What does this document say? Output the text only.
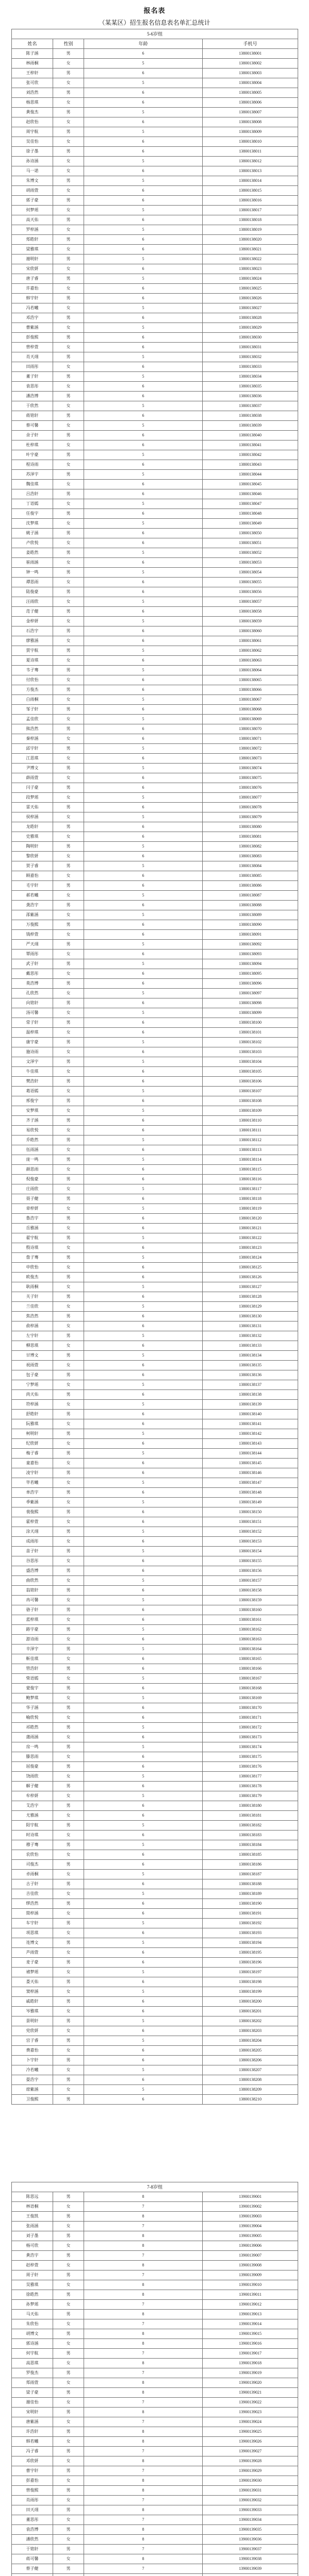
报名表
（某某区）招生报名信息表名单汇总统计
5-6岁组			
姓名	性别	年龄	手机号
陈子涵	男	6	13800138001
林雨桐	女	5	13800138002
王梓轩	男	6	13800138003
张可欣	女	5	13800138004
刘浩然	男	6	13800138005
杨思琪	女	6	13800138006
黄俊杰	男	5	13800138007
赵欣怡	女	6	13800138008
周宇航	男	5	13800138009
吴佳怡	女	6	13800138010
徐子墨	男	6	13800138011
孙诗涵	女	5	13800138012
马一诺	女	6	13800138013
朱博文	男	5	13800138014
胡雨萱	女	6	13800138015
郭子豪	男	6	13800138016
何梦瑶	女	5	13800138017
高天佑	男	6	13800138018
罗梓涵	女	5	13800138019
郑皓轩	男	6	13800138020
梁雅琪	女	6	13800138021
谢明轩	男	5	13800138022
宋欣妍	女	6	13800138023
唐子睿	男	5	13800138024
许嘉怡	女	6	13800138025
韩宇轩	男	6	13800138026
冯若曦	女	5	13800138027
邓浩宇	男	6	13800138028
曹紫涵	女	5	13800138029
彭俊熙	男	6	13800138030
曾梓萱	女	6	13800138031
肖天翊	男	5	13800138032
田雨彤	女	6	13800138033
董子轩	男	5	13800138034
袁思彤	女	6	13800138035
潘浩博	男	6	13800138036
于欣然	女	5	13800138037
蒋铭轩	男	6	13800138038
蔡可馨	女	5	13800138039
余子轩	男	6	13800138040
杜梓琪	女	6	13800138041
叶宇豪	男	5	13800138042
程诗雨	女	6	13800138043
苏泽宇	男	5	13800138044
魏佳琪	女	6	13800138045
吕浩轩	男	6	13800138046
丁语嫣	女	5	13800138047
任俊宇	男	6	13800138048
沈梦琪	女	5	13800138049
姚子涵	男	6	13800138050
卢欣悦	女	6	13800138051
姜皓然	男	5	13800138052
崔雨涵	女	6	13800138053
钟一鸣	男	5	13800138054
谭思雨	女	6	13800138055
陆俊豪	男	6	13800138056
汪雨欣	女	5	13800138057
范子健	男	6	13800138058
金梓妍	女	5	13800138059
石浩宇	男	6	13800138060
廖雅涵	女	6	13800138061
贾宇航	男	5	13800138062
夏诗琪	女	6	13800138063
韦子骞	男	5	13800138064
付欣怡	女	6	13800138065
方俊杰	男	6	13800138066
白雨桐	女	5	13800138067
邹子轩	男	6	13800138068
孟佳欣	女	5	13800138069
熊浩然	男	6	13800138070
秦梓涵	女	6	13800138071
邱宇轩	男	5	13800138072
江思琪	女	6	13800138073
尹博文	男	5	13800138074
薛雨萱	女	6	13800138075
闫子豪	男	6	13800138076
段梦瑶	女	5	13800138077
雷天佑	男	6	13800138078
侯梓涵	女	5	13800138079
龙皓轩	男	6	13800138080
史雅琪	女	6	13800138081
陶明轩	男	5	13800138082
黎欣妍	女	6	13800138083
贺子睿	男	5	13800138084
顾嘉怡	女	6	13800138085
毛宇轩	男	6	13800138086
郝若曦	女	5	13800138087
龚浩宇	男	6	13800138088
邵紫涵	女	5	13800138089
万俊熙	男	6	13800138090
钱梓萱	女	6	13800138091
严天翊	男	5	13800138092
覃雨彤	女	6	13800138093
武子轩	男	5	13800138094
戴思彤	女	6	13800138095
莫浩博	男	6	13800138096
孔欣然	女	5	13800138097
向铭轩	男	6	13800138098
汤可馨	女	5	13800138099
常子轩	男	6	13800138100
温梓琪	女	6	13800138101
康宇豪	男	5	13800138102
施诗雨	女	6	13800138103
文泽宇	男	5	13800138104
牛佳琪	女	6	13800138105
樊浩轩	男	6	13800138106
葛语嫣	女	5	13800138107
邢俊宇	男	6	13800138108
安梦琪	女	5	13800138109
齐子涵	男	6	13800138110
易欣悦	女	6	13800138111
乔皓然	男	5	13800138112
伍雨涵	女	6	13800138113
庞一鸣	男	5	13800138114
颜思雨	女	6	13800138115
倪俊豪	男	6	13800138116
庄雨欣	女	5	13800138117
聂子健	男	6	13800138118
章梓妍	女	5	13800138119
鲁浩宇	男	6	13800138120
岳雅涵	女	6	13800138121
翟宇航	男	5	13800138122
殷诗琪	女	6	13800138123
詹子骞	男	5	13800138124
申欣怡	女	6	13800138125
欧俊杰	男	6	13800138126
耿雨桐	女	5	13800138127
关子轩	男	6	13800138128
兰佳欣	女	5	13800138129
焦浩然	男	6	13800138130
俞梓涵	女	6	13800138131
左宇轩	男	5	13800138132
柳思琪	女	6	13800138133
甘博文	男	5	13800138134
祝雨萱	女	6	13800138135
包子豪	男	6	13800138136
宁梦瑶	女	5	13800138137
尚天佑	男	6	13800138138
符梓涵	女	5	13800138139
舒皓轩	男	6	13800138140
阮雅琪	女	6	13800138141
柯明轩	男	5	13800138142
纪欣妍	女	6	13800138143
梅子睿	男	5	13800138144
童嘉怡	女	6	13800138145
凌宇轩	男	6	13800138146
毕若曦	女	5	13800138147
单浩宇	男	6	13800138148
季紫涵	女	5	13800138149
裴俊熙	男	6	13800138150
霍梓萱	女	6	13800138151
涂天翊	男	5	13800138152
成雨彤	女	6	13800138153
苗子轩	男	5	13800138154
谷思彤	女	6	13800138155
盛浩博	男	6	13800138156
曲欣然	女	5	13800138157
翁铭轩	男	6	13800138158
冉可馨	女	5	13800138159
骆子轩	男	6	13800138160
蓝梓琪	女	6	13800138161
路宇豪	男	5	13800138162
游诗雨	女	6	13800138163
辛泽宇	男	5	13800138164
靳佳琪	女	6	13800138165
管浩轩	男	6	13800138166
柴语嫣	女	5	13800138167
蒙俊宇	男	6	13800138168
鲍梦琪	女	5	13800138169
华子涵	男	6	13800138170
喻欣悦	女	6	13800138171
祁皓然	男	5	13800138172
蒲雨涵	女	6	13800138173
房一鸣	男	5	13800138174
滕思雨	女	6	13800138175
屈俊豪	男	6	13800138176
饶雨欣	女	5	13800138177
解子健	男	6	13800138178
牟梓妍	女	5	13800138179
艾浩宇	男	6	13800138180
尤雅涵	女	6	13800138181
阳宇航	男	5	13800138182
时诗琪	女	6	13800138183
穆子骞	男	5	13800138184
农欣怡	女	6	13800138185
司俊杰	男	6	13800138186
卓雨桐	女	5	13800138187
古子轩	男	6	13800138188
吉佳欣	女	5	13800138189
缪浩然	男	6	13800138190
简梓涵	女	6	13800138191
车宇轩	男	5	13800138192
项思琪	女	6	13800138193
连博文	男	5	13800138194
芦雨萱	女	6	13800138195
麦子豪	男	6	13800138196
褚梦瑶	女	5	13800138197
娄天佑	男	6	13800138198
窦梓涵	女	5	13800138199
戚皓轩	男	6	13800138200
岑雅琪	女	6	13800138201
景明轩	男	5	13800138202
党欣妍	女	6	13800138203
宫子睿	男	5	13800138204
费嘉怡	女	6	13800138205
卜宇轩	男	6	13800138206
冷若曦	女	5	13800138207
晏浩宇	男	6	13800138208
席紫涵	女	5	13800138209
卫俊熙	男	6	13800138210

7-8岁组			
陈思远	男	8	13900139001
林语桐	女	7	13900139002
王俊凯	男	8	13900139003
张雨涵	女	7	13900139004
刘子墨	男	8	13900139005
杨可欣	女	8	13900139006
黄浩宇	男	7	13900139007
赵梓萱	女	8	13900139008
周子轩	男	7	13900139009
吴雅琪	女	8	13900139010
徐皓然	男	8	13900139011
孙梦瑶	女	7	13900139012
马天佑	男	8	13900139013
朱欣怡	女	7	13900139014
胡博文	男	8	13900139015
郭诗涵	女	8	13900139016
何宇航	男	7	13900139017
高思琪	女	8	13900139018
罗俊杰	男	7	13900139019
郑雨萱	女	8	13900139020
梁子豪	男	8	13900139021
谢佳怡	女	7	13900139022
宋明轩	男	8	13900139023
唐紫涵	女	7	13900139024
许浩轩	男	8	13900139025
韩若曦	女	8	13900139026
冯子睿	男	7	13900139027
邓欣妍	女	8	13900139028
曹宇轩	男	7	13900139029
彭嘉怡	女	8	13900139030
曾俊熙	男	8	13900139031
肖雨彤	女	7	13900139032
田天翊	男	8	13900139033
董思彤	女	7	13900139034
袁浩博	男	8	13900139035
潘欣然	女	8	13900139036
于铭轩	男	7	13900139037
蒋可馨	女	8	13900139038
蔡子健	男	7	13900139039
